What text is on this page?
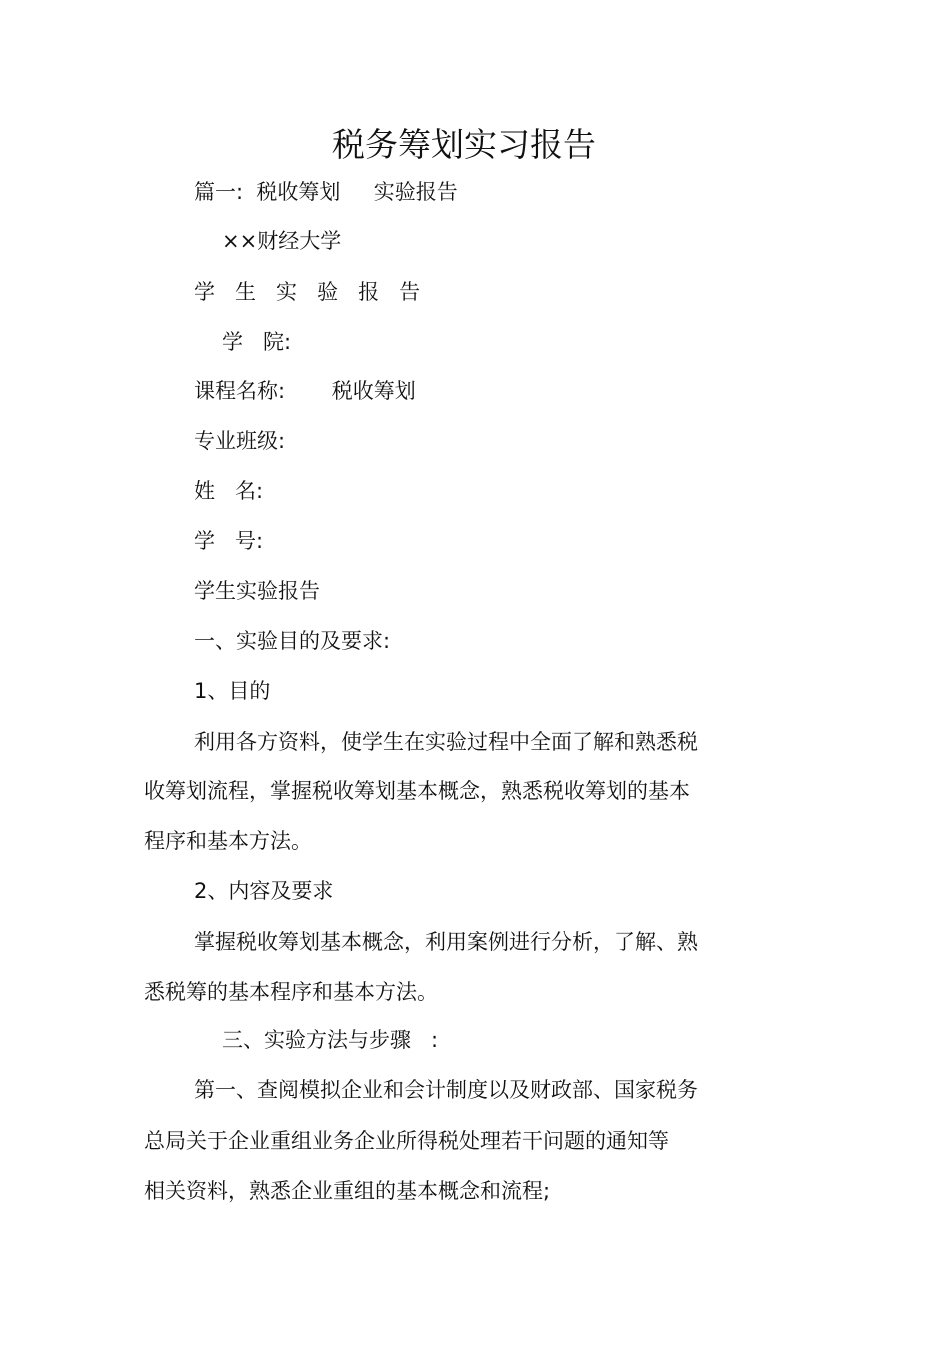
税务筹划实习报告
篇一:  税收筹划     实验报告
××财经大学
学   生   实   验   报   告
学   院:
课程名称:       税收筹划
专业班级:
姓   名:
学   号:
学生实验报告
一、实验目的及要求:
1、目的
利用各方资料，使学生在实验过程中全面了解和熟悉税
收筹划流程，掌握税收筹划基本概念，熟悉税收筹划的基本
程序和基本方法。
2、内容及要求
掌握税收筹划基本概念，利用案例进行分析，了解、熟
悉税筹的基本程序和基本方法。
三、实验方法与步骤   :
第一、查阅模拟企业和会计制度以及财政部、国家税务
总局关于企业重组业务企业所得税处理若干问题的通知等
相关资料，熟悉企业重组的基本概念和流程;
